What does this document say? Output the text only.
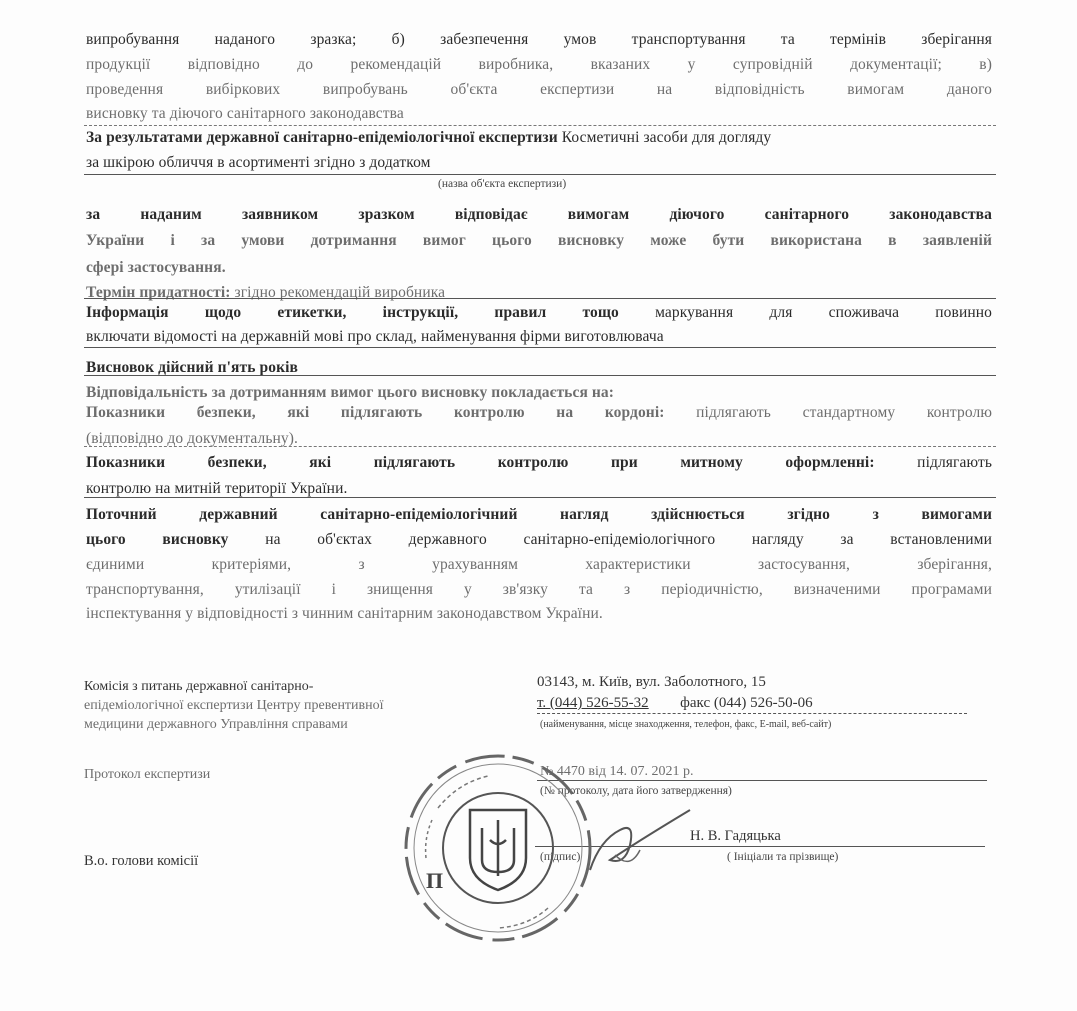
випробування наданого зразка; б) забезпечення умов транспортування та термінів зберігання
продукції відповідно до рекомендацій виробника, вказаних у супровідній документації; в)
проведення вибіркових випробувань об'єкта експертизи на відповідність вимогам даного
висновку та діючого санітарного законодавства
За результатами державної санітарно-епідеміологічної експертизи Косметичні засоби для догляду
за шкірою обличчя в асортименті згідно з додатком
(назва об'єкта експертизи)
за наданим заявником зразком відповідає вимогам діючого санітарного законодавства
України і за умови дотримання вимог цього висновку може бути використана в заявленій
сфері застосування.
Термін придатності: згідно рекомендацій виробника
Інформація щодо етикетки, інструкції, правил тощо маркування для споживача повинно
включати відомості на державній мові про склад, найменування фірми виготовлювача
Висновок дійсний п'ять років
Відповідальність за дотриманням вимог цього висновку покладається на:
Показники безпеки, які підлягають контролю на кордоні: підлягають стандартному контролю
(відповідно до документальну).
Показники безпеки, які підлягають контролю при митному оформленні: підлягають
контролю на митній території України.
Поточний державний санітарно-епідеміологічний нагляд здійснюється згідно з вимогами
цього висновку на об'єктах державного санітарно-епідеміологічного нагляду за встановленими
єдиними критеріями, з урахуванням характеристики застосування, зберігання,
транспортування, утилізації і знищення у зв'язку та з періодичністю, визначеними програмами
інспектування у відповідності з чинним санітарним законодавством України.
Комісія з питань державної санітарно-
епідеміологічної експертизи Центру превентивної
медицини державного Управління справами
03143, м. Київ, вул. Заболотного, 15
т. (044) 526-55-32 факс (044) 526-50-06
(найменування, місце знаходження, телефон, факс, E-mail, веб-сайт)
Протокол експертизи	№ 4470 від 14. 07. 2021 р.
(№ протоколу, дата його затвердження)
В.о. голови комісії
Н. В. Гадяцька
(підпис)	( Ініціали та прізвище)
П
